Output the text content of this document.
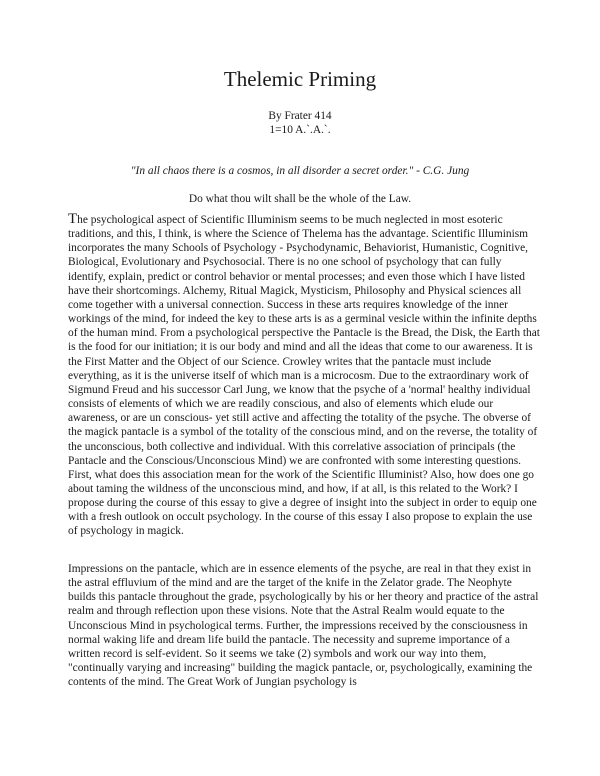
Thelemic Priming
By Frater 414
1=10 A.`.A.`.
"In all chaos there is a cosmos, in all disorder a secret order." - C.G. Jung
Do what thou wilt shall be the whole of the Law.

The psychological aspect of Scientific Illuminism seems to be much neglected in most esoteric traditions, and this, I think, is where the Science of Thelema has the advantage. Scientific Illuminism incorporates the many Schools of Psychology - Psychodynamic, Behaviorist, Humanistic, Cognitive, Biological, Evolutionary and Psychosocial. There is no one school of psychology that can fully identify, explain, predict or control behavior or mental processes; and even those which I have listed have their shortcomings. Alchemy, Ritual Magick, Mysticism, Philosophy and Physical sciences all come together with a universal connection. Success in these arts requires knowledge of the inner workings of the mind, for indeed the key to these arts is as a germinal vesicle within the infinite depths of the human mind. From a psychological perspective the Pantacle is the Bread, the Disk, the Earth that is the food for our initiation; it is our body and mind and all the ideas that come to our awareness. It is the First Matter and the Object of our Science. Crowley writes that the pantacle must include everything, as it is the universe itself of which man is a microcosm. Due to the extraordinary work of Sigmund Freud and his successor Carl Jung, we know that the psyche of a 'normal' healthy individual consists of elements of which we are readily conscious, and also of elements which elude our awareness, or are un conscious- yet still active and affecting the totality of the psyche. The obverse of the magick pantacle is a symbol of the totality of the conscious mind, and on the reverse, the totality of the unconscious, both collective and individual. With this correlative association of principals (the Pantacle and the Conscious/Unconscious Mind) we are confronted with some interesting questions. First, what does this association mean for the work of the Scientific Illuminist? Also, how does one go about taming the wildness of the unconscious mind, and how, if at all, is this related to the Work? I propose during the course of this essay to give a degree of insight into the subject in order to equip one with a fresh outlook on occult psychology. In the course of this essay I also propose to explain the use of psychology in magick.

Impressions on the pantacle, which are in essence elements of the psyche, are real in that they exist in the astral effluvium of the mind and are the target of the knife in the Zelator grade. The Neophyte builds this pantacle throughout the grade, psychologically by his or her theory and practice of the astral realm and through reflection upon these visions. Note that the Astral Realm would equate to the Unconscious Mind in psychological terms. Further, the impressions received by the consciousness in normal waking life and dream life build the pantacle. The necessity and supreme importance of a written record is self-evident. So it seems we take (2) symbols and work our way into them, "continually varying and increasing" building the magick pantacle, or, psychologically, examining the contents of the mind. The Great Work of Jungian psychology is
